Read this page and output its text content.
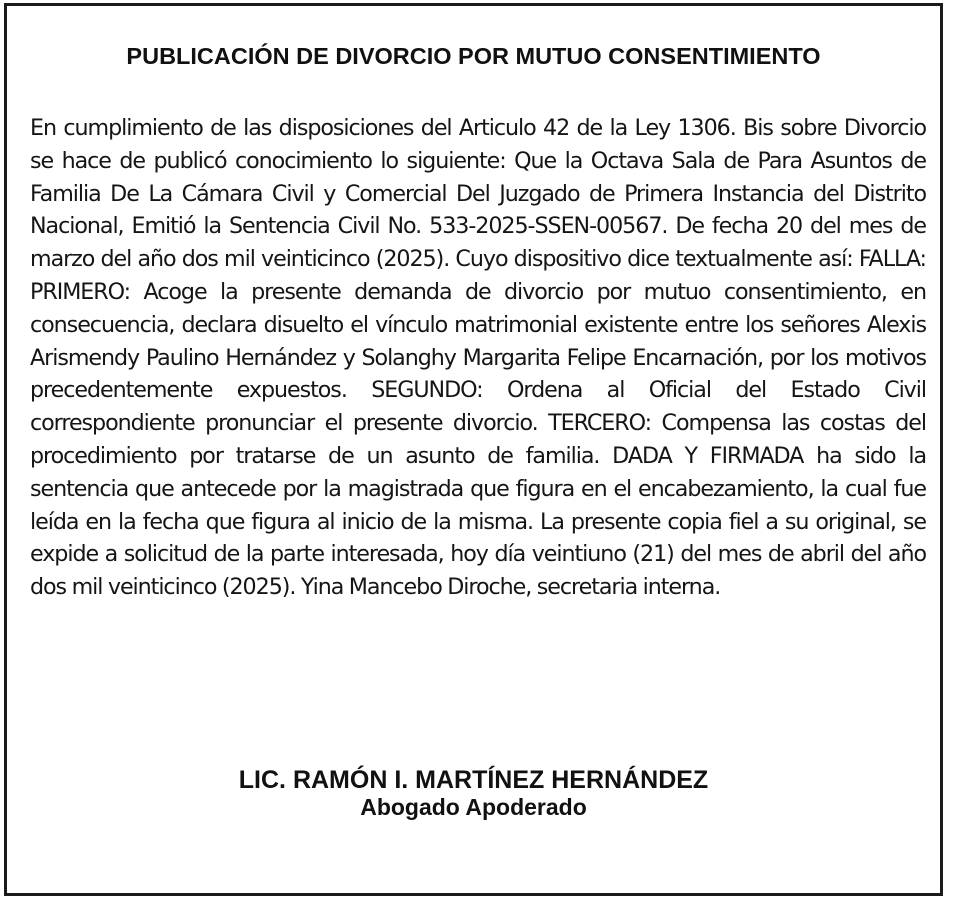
PUBLICACIÓN DE DIVORCIO POR MUTUO CONSENTIMIENTO

En cumplimiento de las disposiciones del Articulo 42 de la Ley 1306. Bis sobre Divorcio se hace de publicó conocimiento lo siguiente: Que la Octava Sala de Para Asuntos de Familia De La Cámara Civil y Comercial Del Juzgado de Primera Instancia del Distrito Nacional, Emitió la Sentencia Civil No. 533-2025-SSEN-00567. De fecha 20 del mes de marzo del año dos mil veinticinco (2025). Cuyo dispositivo dice textualmente así: FALLA: PRIMERO: Acoge la presente demanda de divorcio por mutuo consentimiento, en consecuencia, declara disuelto el vínculo matrimonial existente entre los señores Alexis Arismendy Paulino Hernández y Solanghy Margarita Felipe Encarnación, por los motivos precedentemente expuestos. SEGUNDO: Ordena al Oficial del Estado Civil correspondiente pronunciar el presente divorcio. TERCERO: Compensa las costas del procedimiento por tratarse de un asunto de familia. DADA Y FIRMADA ha sido la sentencia que antecede por la magistrada que figura en el encabezamiento, la cual fue leída en la fecha que figura al inicio de la misma. La presente copia fiel a su original, se expide a solicitud de la parte interesada, hoy día veintiuno (21) del mes de abril del año dos mil veinticinco (2025). Yina Mancebo Diroche, secretaria interna.

LIC. RAMÓN I. MARTÍNEZ HERNÁNDEZ
Abogado Apoderado
